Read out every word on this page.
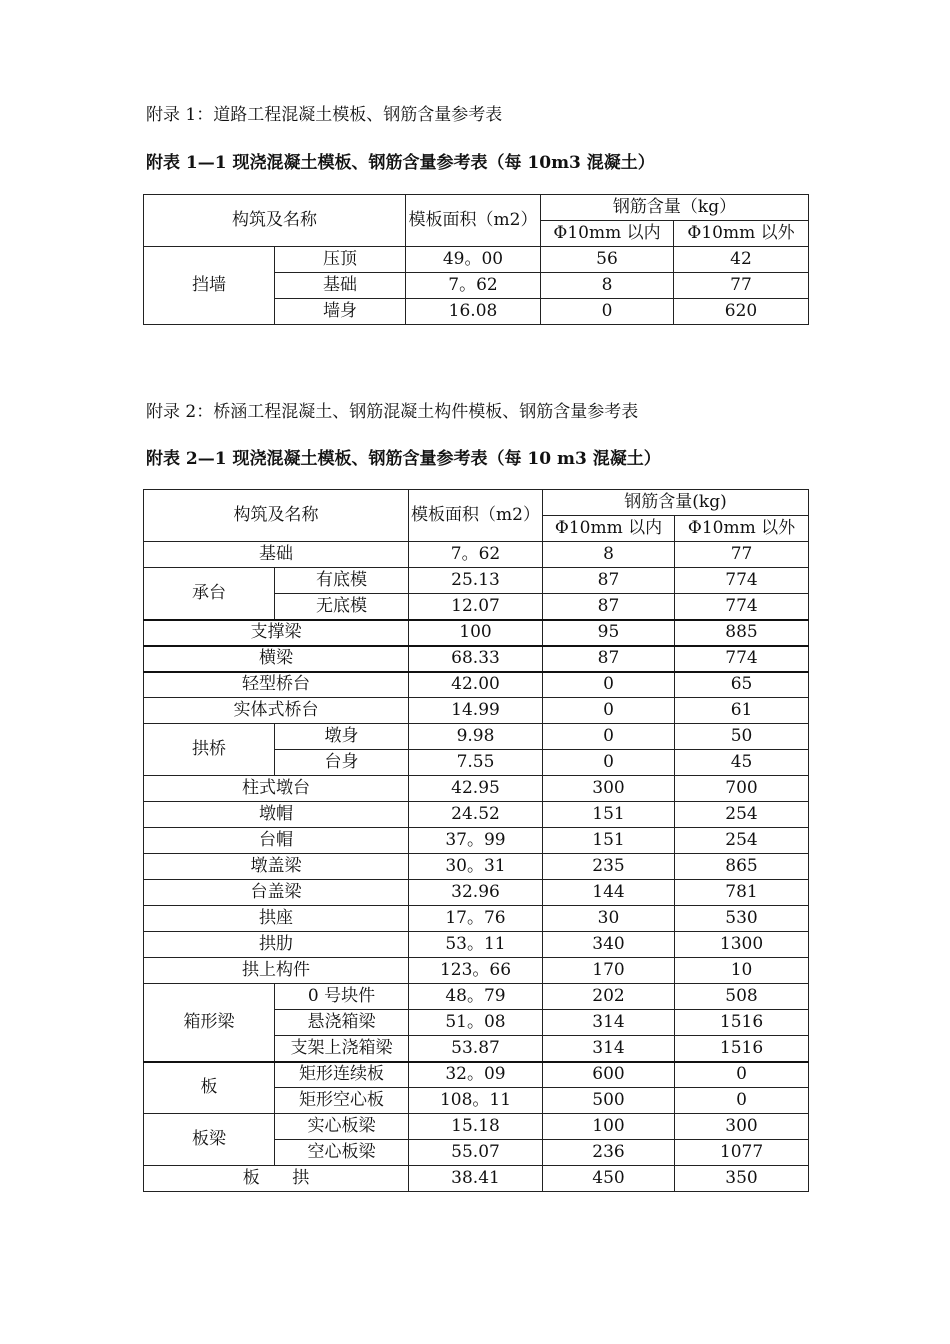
附录 1：道路工程混凝土模板、钢筋含量参考表
附表 1—1 现浇混凝土模板、钢筋含量参考表（每 10m3 混凝土）
构筑及名称		模板面积（m2）	钢筋含量（kg）	
			Φ10mm 以内	Φ10mm 以外
挡墙	压顶	49。00	56	42
	基础	7。62	8	77
	墙身	16.08	0	620
附录 2：桥涵工程混凝土、钢筋混凝土构件模板、钢筋含量参考表
附表 2—1 现浇混凝土模板、钢筋含量参考表（每 10 m3 混凝土）
构筑及名称		模板面积（m2）	钢筋含量(kg)	
			Φ10mm 以内	Φ10mm 以外
基础		7。62	8	77
承台	有底模	25.13	87	774
	无底模	12.07	87	774
支撑梁		100	95	885
横梁		68.33	87	774
轻型桥台		42.00	0	65
实体式桥台		14.99	0	61
拱桥	墩身	9.98	0	50
	台身	7.55	0	45
柱式墩台		42.95	300	700
墩帽		24.52	151	254
台帽		37。99	151	254
墩盖梁		30。31	235	865
台盖梁		32.96	144	781
拱座		17。76	30	530
拱肋		53。11	340	1300
拱上构件		123。66	170	10
箱形梁	0 号块件	48。79	202	508
	悬浇箱梁	51。08	314	1516
	支架上浇箱梁	53.87	314	1516
板	矩形连续板	32。09	600	0
	矩形空心板	108。11	500	0
板梁	实心板梁	15.18	100	300
	空心板梁	55.07	236	1077
板      拱		38.41	450	350
